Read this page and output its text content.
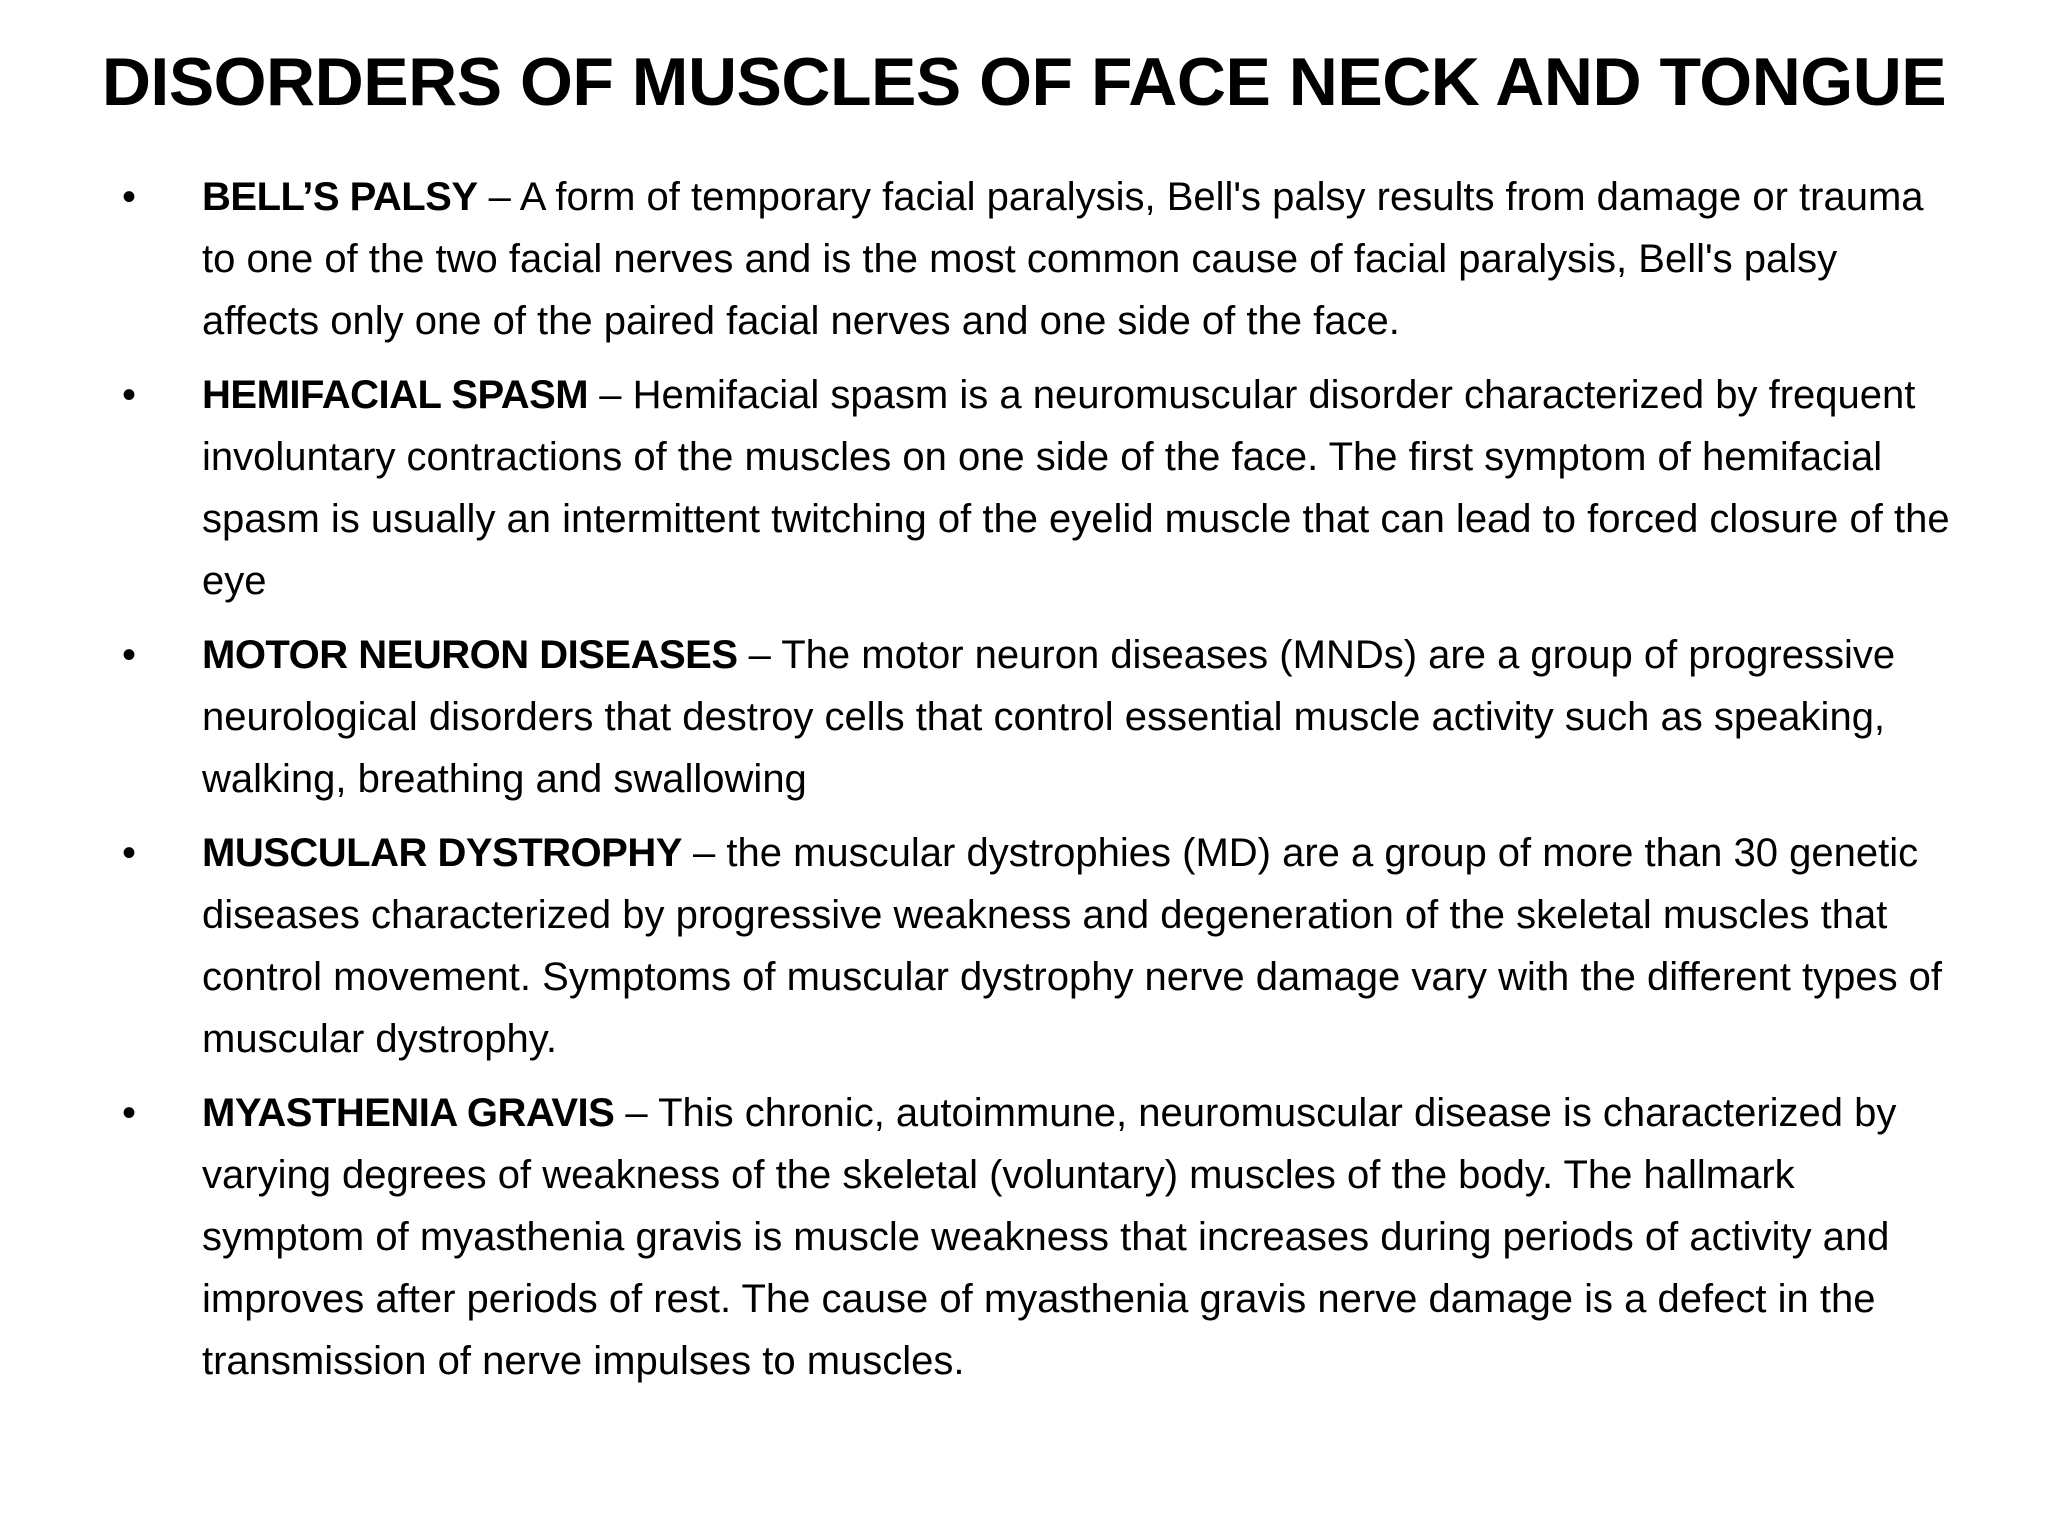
DISORDERS OF MUSCLES OF FACE NECK AND TONGUE
• BELL’S PALSY – A form of temporary facial paralysis, Bell's palsy results from damage or trauma to one of the two facial nerves and is the most common cause of facial paralysis, Bell's palsy affects only one of the paired facial nerves and one side of the face.
• HEMIFACIAL SPASM – Hemifacial spasm is a neuromuscular disorder characterized by frequent involuntary contractions of the muscles on one side of the face. The first symptom of hemifacial spasm is usually an intermittent twitching of the eyelid muscle that can lead to forced closure of the eye
• MOTOR NEURON DISEASES – The motor neuron diseases (MNDs) are a group of progressive neurological disorders that destroy cells that control essential muscle activity such as speaking, walking, breathing and swallowing
• MUSCULAR DYSTROPHY – the muscular dystrophies (MD) are a group of more than 30 genetic diseases characterized by progressive weakness and degeneration of the skeletal muscles that control movement. Symptoms of muscular dystrophy nerve damage vary with the different types of muscular dystrophy.
• MYASTHENIA GRAVIS – This chronic, autoimmune, neuromuscular disease is characterized by varying degrees of weakness of the skeletal (voluntary) muscles of the body. The hallmark symptom of myasthenia gravis is muscle weakness that increases during periods of activity and improves after periods of rest. The cause of myasthenia gravis nerve damage is a defect in the transmission of nerve impulses to muscles.
